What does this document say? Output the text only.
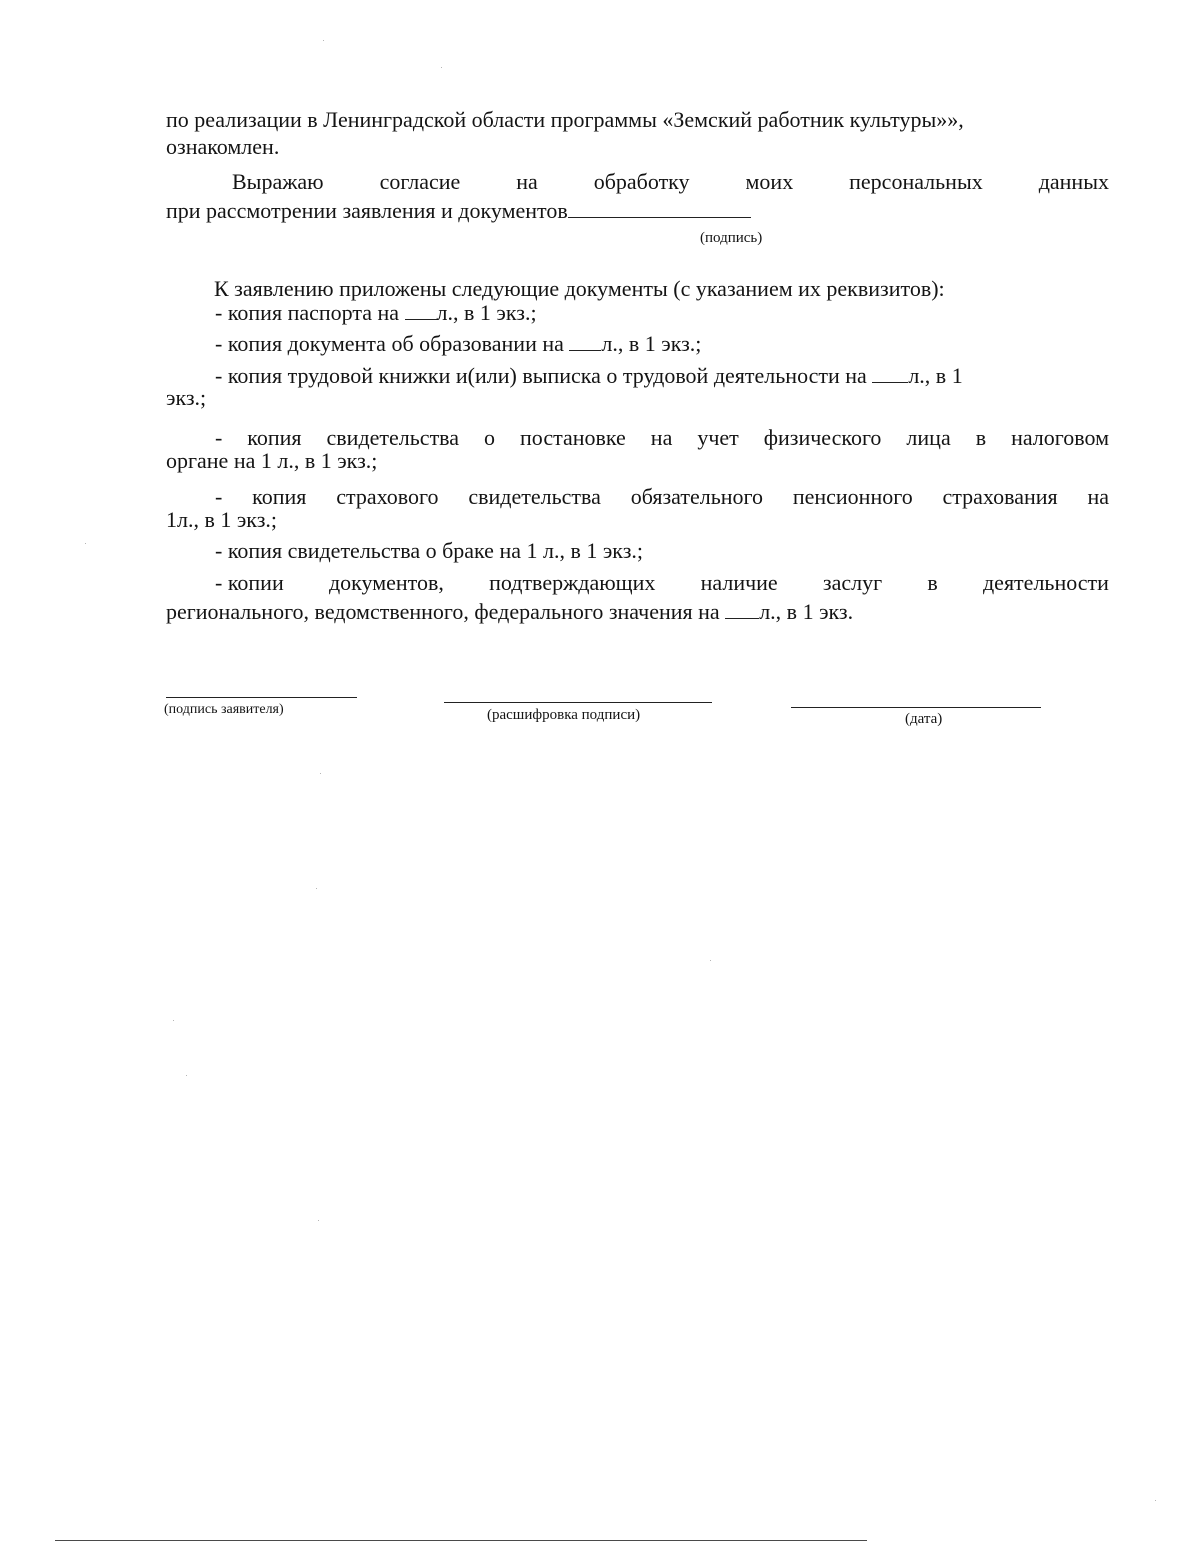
по реализации в Ленинградской области программы «Земский работник культуры»»,
ознакомлен.
Выражаю	согласие	на	обработку	моих	персональных	данных
при рассмотрении заявления и документов
(подпись)
К заявлению приложены следующие документы (с указанием их реквизитов):
- копия паспорта на л., в 1 экз.;
- копия документа об образовании на л., в 1 экз.;
- копия трудовой книжки и(или) выписка о трудовой деятельности на л., в 1
экз.;
- копия свидетельства о постановке на учет физического лица в налоговом
органе на 1 л., в 1 экз.;
- копия страхового свидетельства обязательного пенсионного страхования на
1л., в 1 экз.;
- копия свидетельства о браке на 1 л., в 1 экз.;
- копии документов, подтверждающих наличие заслуг в деятельности
регионального, ведомственного, федерального значения на л., в 1 экз.
(подпись заявителя)	(расшифровка подписи)	(дата)
